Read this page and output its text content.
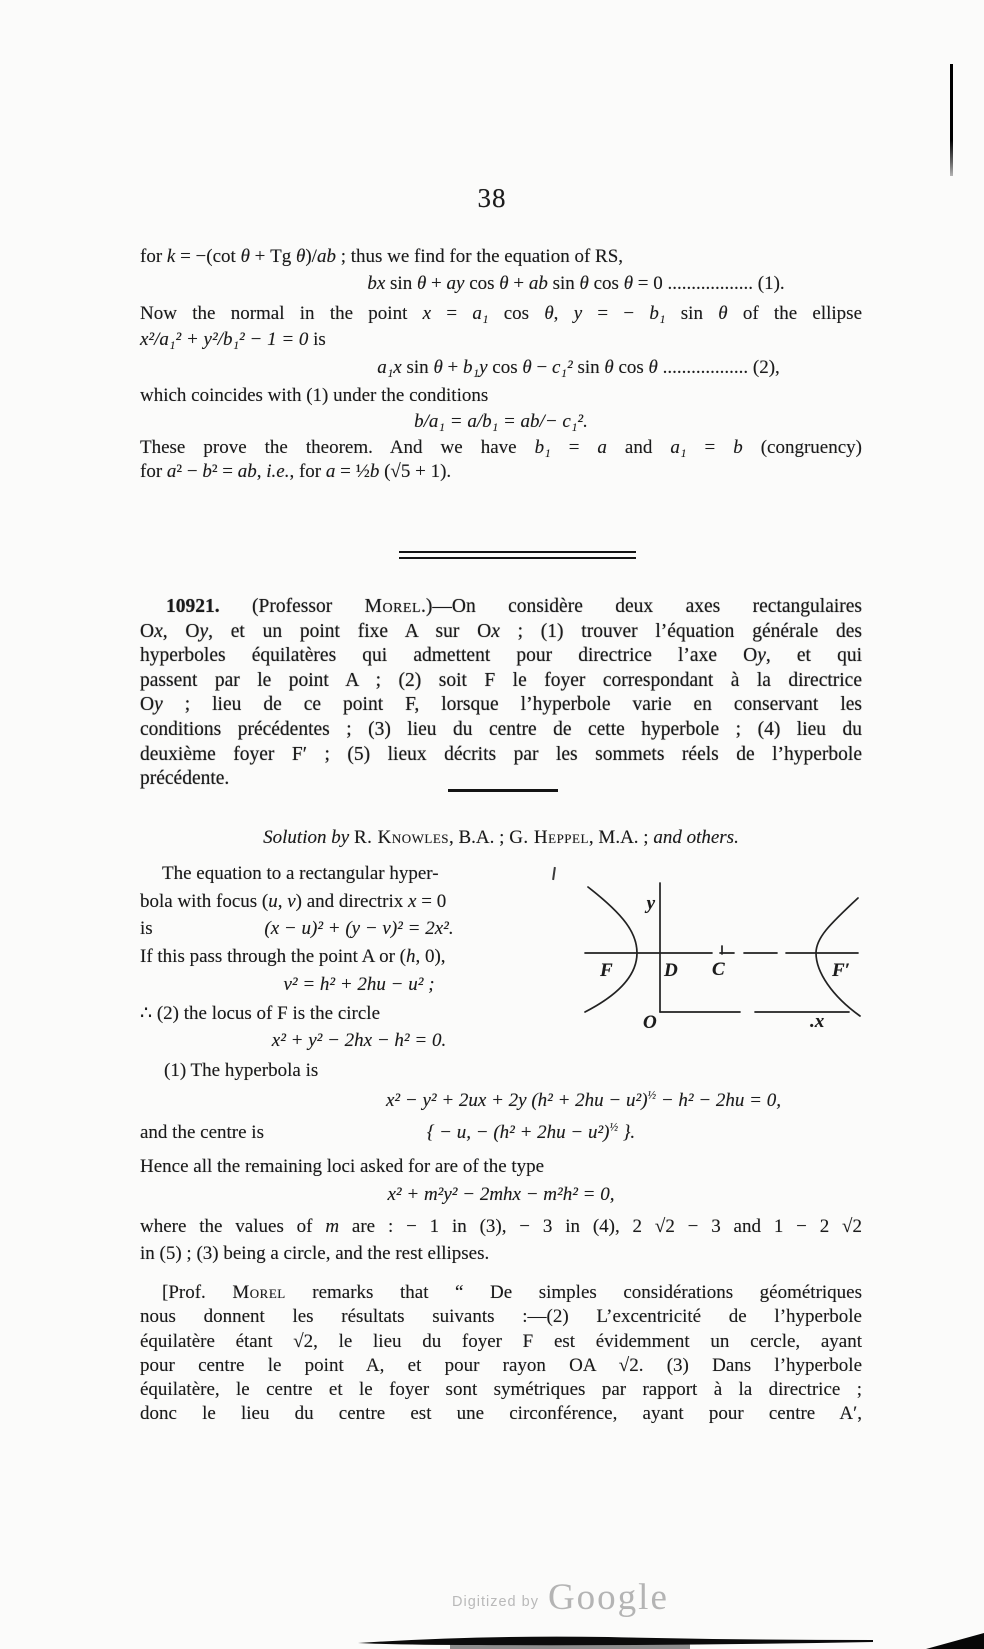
38
for k = −(cot θ + Tg θ)/ab ; thus we find for the equation of RS,
bx sin θ + ay cos θ + ab sin θ cos θ = 0 .................. (1).
Now the normal in the point x = a₁ cos θ, y = − b₁ sin θ of the ellipse
x²/a₁² + y²/b₁² − 1 = 0 is
a₁x sin θ + b₁y cos θ − c₁² sin θ cos θ .................. (2),
which coincides with (1) under the conditions
b/a₁ = a/b₁ = ab/− c₁².
These prove the theorem. And we have b₁ = a and a₁ = b (congruency)
for a² − b² = ab, i.e., for a = ½b (√5 + 1).
10921. (Professor Morel.)—On considère deux axes rectangulaires
Ox, Oy, et un point fixe A sur Ox ; (1) trouver l’équation générale des
hyperboles équilatères qui admettent pour directrice l’axe Oy, et qui
passent par le point A ; (2) soit F le foyer correspondant à la directrice
Oy ; lieu de ce point F, lorsque l’hyperbole varie en conservant les
conditions précédentes ; (3) lieu du centre de cette hyperbole ; (4) lieu du
deuxième foyer F′ ; (5) lieux décrits par les sommets réels de l’hyperbole
précédente.
Solution by R. Knowles, B.A. ; G. Heppel, M.A. ; and others.
The equation to a rectangular hyper-
bola with focus (u, v) and directrix x = 0
is	(x − u)² + (y − v)² = 2x².
If this pass through the point A or (h, 0),
v² = h² + 2hu − u² ;
∴ (2) the locus of F is the circle
x² + y² − 2hx − h² = 0.
y
F	D C	F′
O	.x
(1) The hyperbola is
x² − y² + 2ux + 2y $(h^2 + 2hu - u^2)^{\frac{1}{2}} - h^2 - 2hu = 0$,
and the centre is	{ − u, − $(h^2 + 2hu - u^2)^{\frac{1}{2}}$ }.
Hence all the remaining loci asked for are of the type
x² + m²y² − 2mhx − m²h² = 0,
where the values of m are : − 1 in (3), − 3 in (4), 2 √2 − 3 and 1 − 2 √2
in (5) ; (3) being a circle, and the rest ellipses.
[Prof. Morel remarks that “ De simples considérations géométriques
nous donnent les résultats suivants :—(2) L’excentricité de l’hyperbole
équilatère étant √2, le lieu du foyer F est évidemment un cercle, ayant
pour centre le point A, et pour rayon OA √2. (3) Dans l’hyperbole
équilatère, le centre et le foyer sont symétriques par rapport à la directrice ;
donc le lieu du centre est une circonférence, ayant pour centre A′,
Digitized by Google
